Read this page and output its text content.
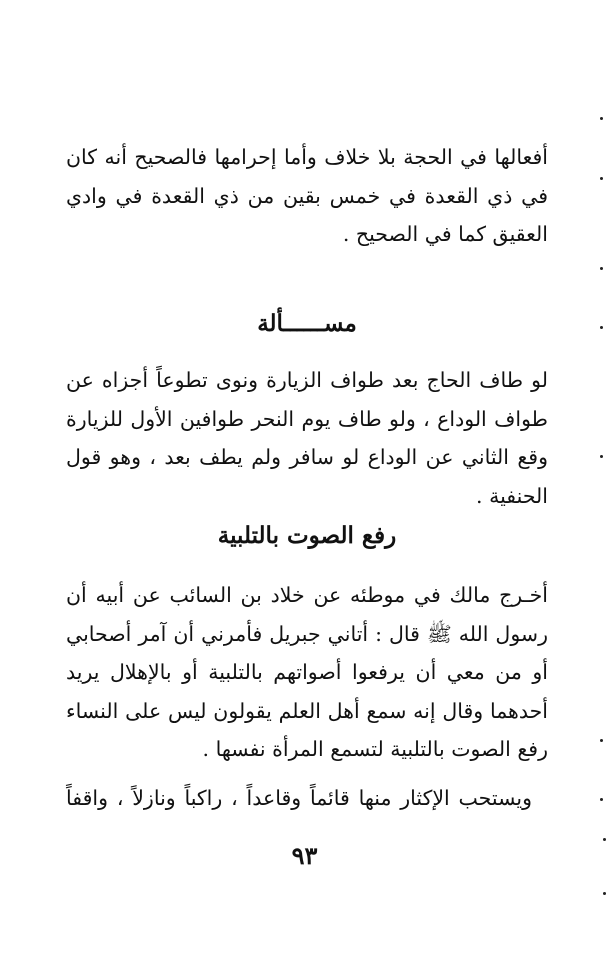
أفعالها في الحجة بلا خلاف وأما إحرامها فالصحيح أنه كان في ذي القعدة في خمس بقين من ذي القعدة في وادي العقيق كما في الصحيح .

مســــــألة

لو طاف الحاج بعد طواف الزيارة ونوى تطوعاً أجزاه عن طواف الوداع ، ولو طاف يوم النحر طوافين الأول للزيارة وقع الثاني عن الوداع لو سافر ولم يطف بعد ، وهو قول الحنفية .

رفع الصوت بالتلبية

أخـرج مالك في موطئه عن خلاد بن السائب عن أبيه أن رسول الله ﷺ قال : أتاني جبريل فأمرني أن آمر أصحابي أو من معي أن يرفعوا أصواتهم بالتلبية أو بالإهلال يريد أحدهما وقال إنه سمع أهل العلم يقولون ليس على النساء رفع الصوت بالتلبية لتسمع المرأة نفسها .

ويستحب الإكثار منها قائماً وقاعداً ، راكباً ونازلاً ، واقفاً

٩٣
